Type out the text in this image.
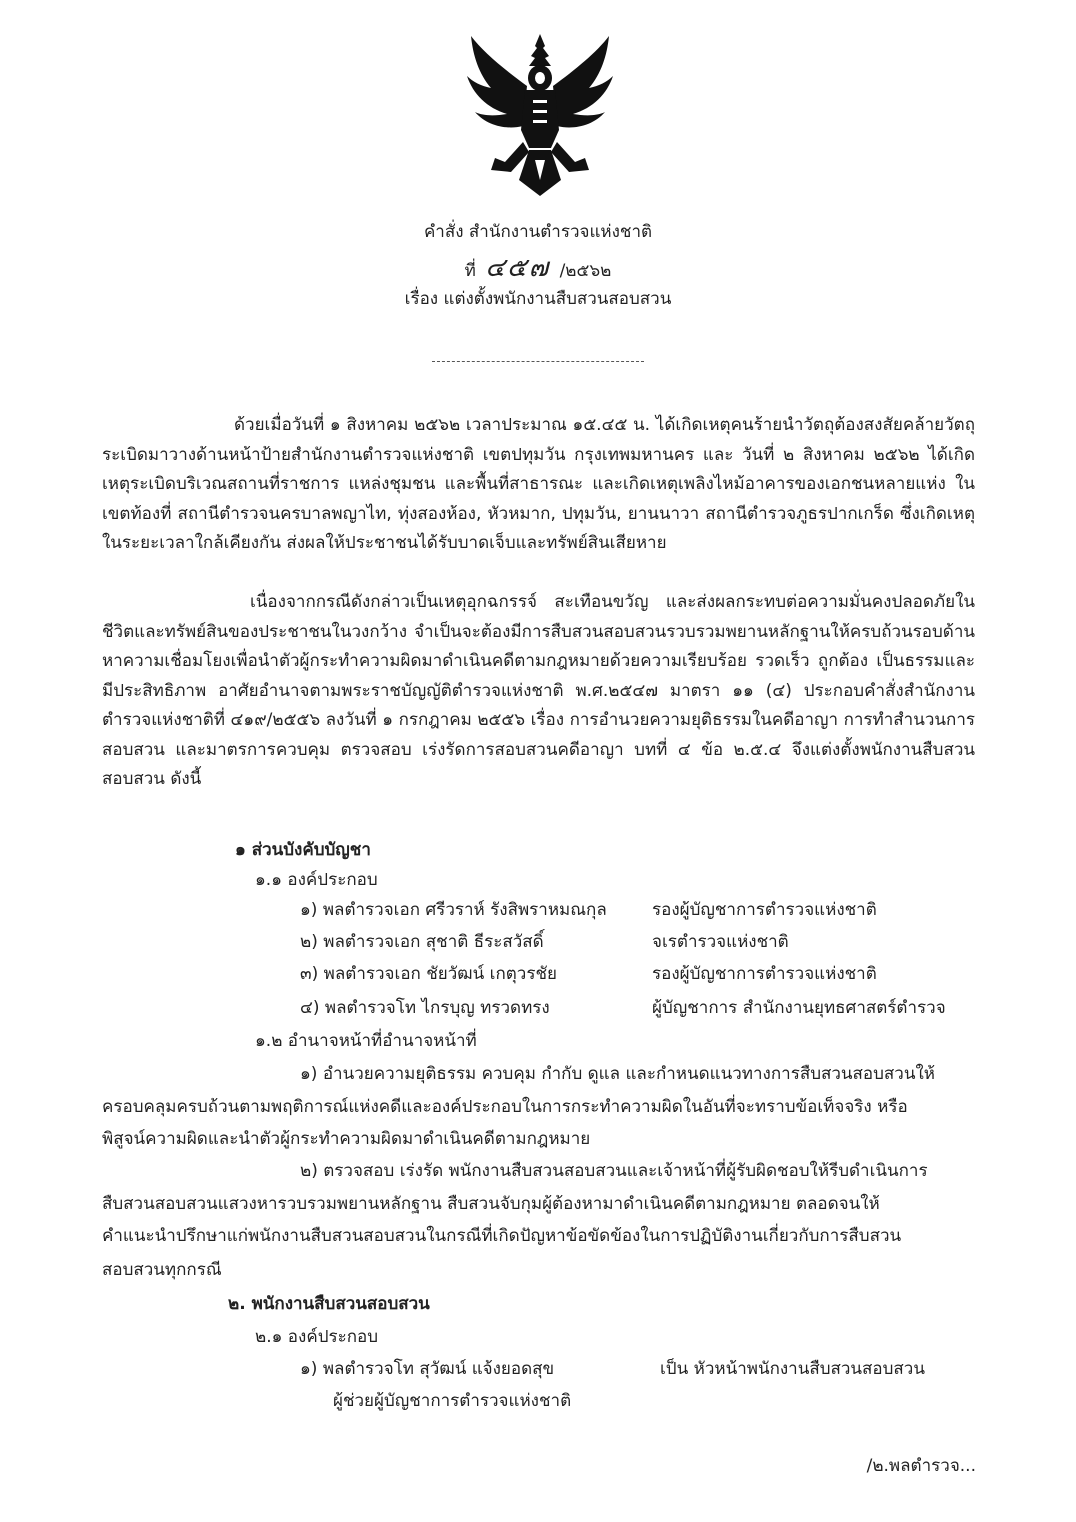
คำสั่ง สำนักงานตำรวจแห่งชาติ
ที่ ๔๕๗ /๒๕๖๒
เรื่อง แต่งตั้งพนักงานสืบสวนสอบสวน
ด้วยเมื่อวันที่ ๑ สิงหาคม ๒๕๖๒ เวลาประมาณ ๑๕.๔๕ น. ได้เกิดเหตุคนร้ายนำวัตถุต้องสงสัยคล้ายวัตถุระเบิดมาวางด้านหน้าป้ายสำนักงานตำรวจแห่งชาติ เขตปทุมวัน กรุงเทพมหานคร และ วันที่ ๒ สิงหาคม ๒๕๖๒ ได้เกิดเหตุระเบิดบริเวณสถานที่ราชการ แหล่งชุมชน และพื้นที่สาธารณะ และเกิดเหตุเพลิงไหม้อาคารของเอกชนหลายแห่ง ในเขตท้องที่ สถานีตำรวจนครบาลพญาไท, ทุ่งสองห้อง, หัวหมาก, ปทุมวัน, ยานนาวา สถานีตำรวจภูธรปากเกร็ด ซึ่งเกิดเหตุในระยะเวลาใกล้เคียงกัน ส่งผลให้ประชาชนได้รับบาดเจ็บและทรัพย์สินเสียหาย
เนื่องจากกรณีดังกล่าวเป็นเหตุอุกฉกรรจ์ สะเทือนขวัญ และส่งผลกระทบต่อความมั่นคงปลอดภัยในชีวิตและทรัพย์สินของประชาชนในวงกว้าง จำเป็นจะต้องมีการสืบสวนสอบสวนรวบรวมพยานหลักฐานให้ครบถ้วนรอบด้าน หาความเชื่อมโยงเพื่อนำตัวผู้กระทำความผิดมาดำเนินคดีตามกฎหมายด้วยความเรียบร้อย รวดเร็ว ถูกต้อง เป็นธรรมและมีประสิทธิภาพ อาศัยอำนาจตามพระราชบัญญัติตำรวจแห่งชาติ พ.ศ.๒๕๔๗ มาตรา ๑๑ (๔) ประกอบคำสั่งสำนักงานตำรวจแห่งชาติที่ ๔๑๙/๒๕๕๖ ลงวันที่ ๑ กรกฎาคม ๒๕๕๖ เรื่อง การอำนวยความยุติธรรมในคดีอาญา การทำสำนวนการสอบสวน และมาตรการควบคุม ตรวจสอบ เร่งรัดการสอบสวนคดีอาญา บทที่ ๔ ข้อ ๒.๕.๔ จึงแต่งตั้งพนักงานสืบสวนสอบสวน ดังนี้
๑ ส่วนบังคับบัญชา
๑.๑ องค์ประกอบ
๑) พลตำรวจเอก ศรีวราห์ รังสิพราหมณกุล	รองผู้บัญชาการตำรวจแห่งชาติ
๒) พลตำรวจเอก สุชาติ ธีระสวัสดิ์	จเรตำรวจแห่งชาติ
๓) พลตำรวจเอก ชัยวัฒน์ เกตุวรชัย	รองผู้บัญชาการตำรวจแห่งชาติ
๔) พลตำรวจโท ไกรบุญ ทรวดทรง	ผู้บัญชาการ สำนักงานยุทธศาสตร์ตำรวจ
๑.๒ อำนาจหน้าที่อำนาจหน้าที่
๑) อำนวยความยุติธรรม ควบคุม กำกับ ดูแล และกำหนดแนวทางการสืบสวนสอบสวนให้
ครอบคลุมครบถ้วนตามพฤติการณ์แห่งคดีและองค์ประกอบในการกระทำความผิดในอันที่จะทราบข้อเท็จจริง หรือ
พิสูจน์ความผิดและนำตัวผู้กระทำความผิดมาดำเนินคดีตามกฎหมาย
๒) ตรวจสอบ เร่งรัด พนักงานสืบสวนสอบสวนและเจ้าหน้าที่ผู้รับผิดชอบให้รีบดำเนินการ
สืบสวนสอบสวนแสวงหารวบรวมพยานหลักฐาน สืบสวนจับกุมผู้ต้องหามาดำเนินคดีตามกฎหมาย ตลอดจนให้
คำแนะนำปรึกษาแก่พนักงานสืบสวนสอบสวนในกรณีที่เกิดปัญหาข้อขัดข้องในการปฏิบัติงานเกี่ยวกับการสืบสวน
สอบสวนทุกกรณี
๒. พนักงานสืบสวนสอบสวน
๒.๑ องค์ประกอบ
๑) พลตำรวจโท สุวัฒน์ แจ้งยอดสุข	เป็น หัวหน้าพนักงานสืบสวนสอบสวน
ผู้ช่วยผู้บัญชาการตำรวจแห่งชาติ
/๒.พลตำรวจ...
